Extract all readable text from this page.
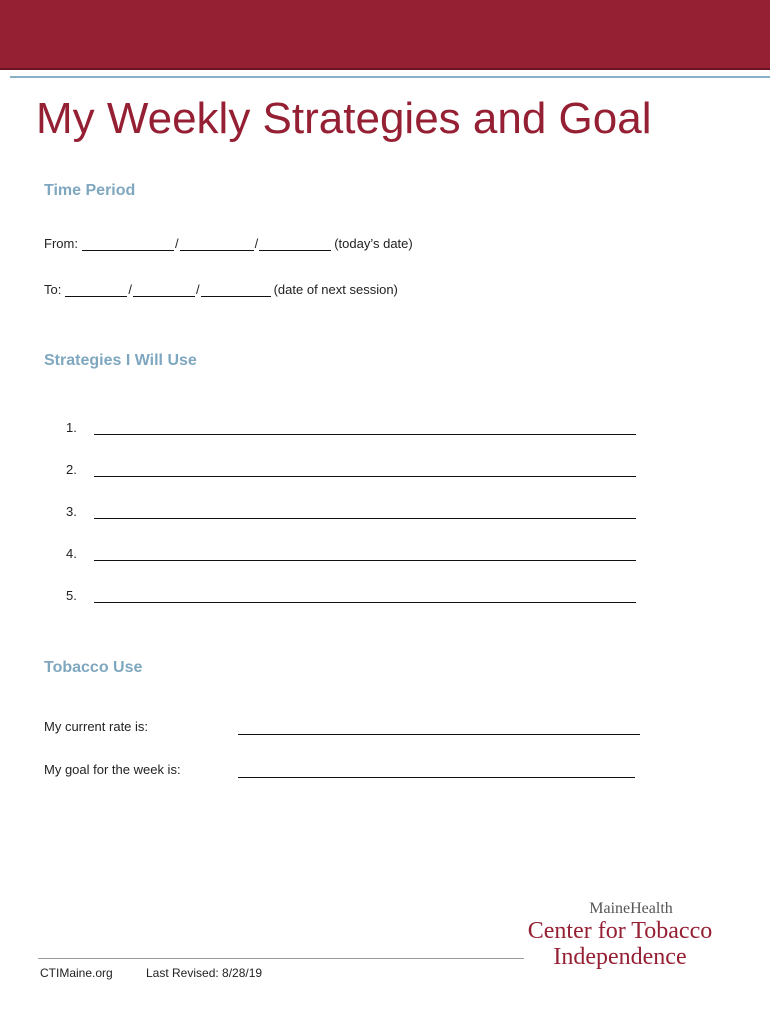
My Weekly Strategies and Goal
Time Period
From:	/	/	(today’s date)
To:	/	/	(date of next session)
Strategies I Will Use
1.
2.
3.
4.
5.
Tobacco Use
My current rate is:
My goal for the week is:
CTIMaine.org	Last Revised: 8/28/19
MaineHealth
Center for Tobacco
Independence
